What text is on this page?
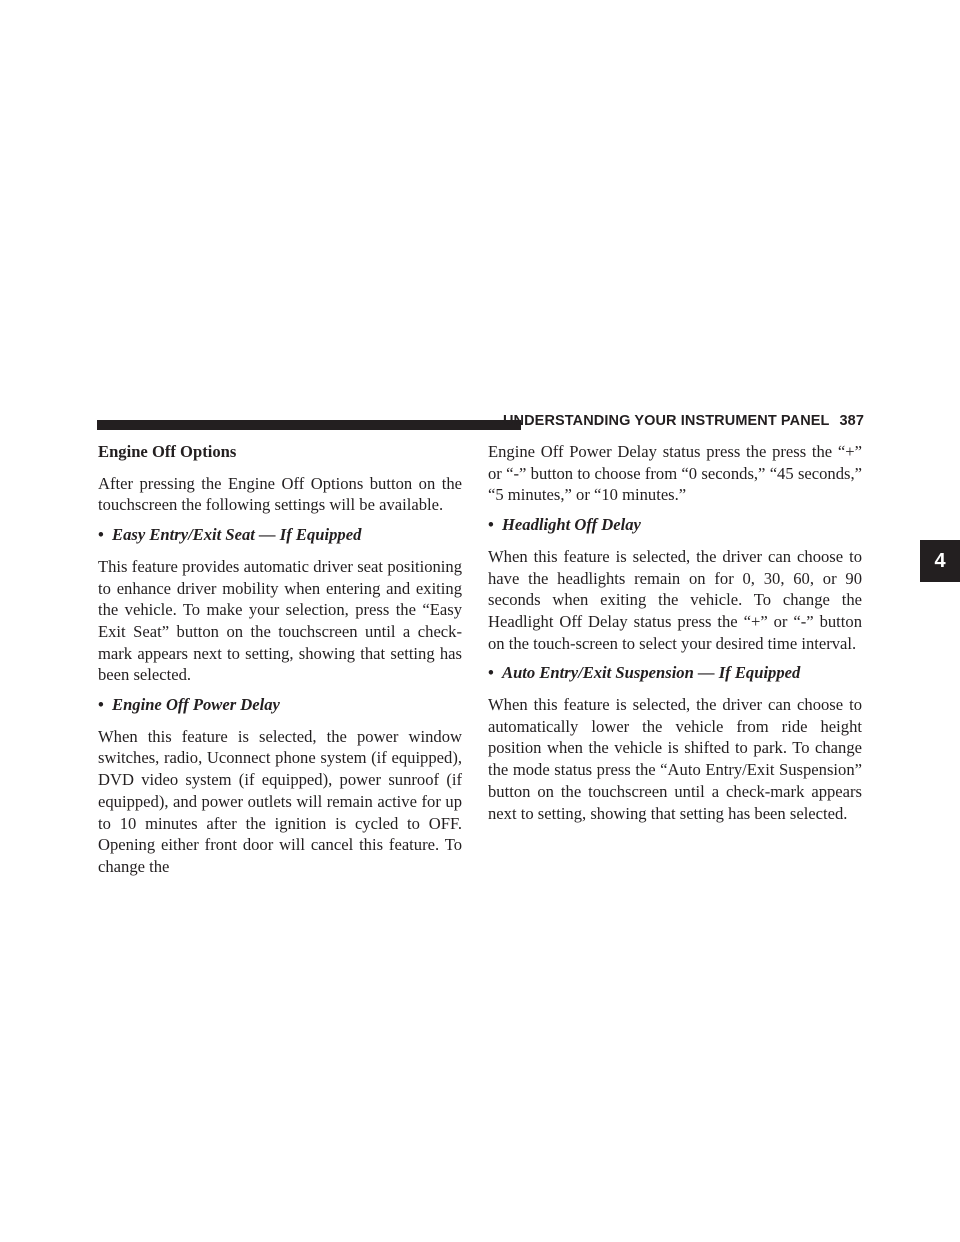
UNDERSTANDING YOUR INSTRUMENT PANEL 387
4

Engine Off Options

After pressing the Engine Off Options button on the touchscreen the following settings will be available.

• Easy Entry/Exit Seat — If Equipped

This feature provides automatic driver seat positioning to enhance driver mobility when entering and exiting the vehicle. To make your selection, press the “Easy Exit Seat” button on the touchscreen until a check-mark appears next to setting, showing that setting has been selected.

• Engine Off Power Delay

When this feature is selected, the power window switches, radio, Uconnect phone system (if equipped), DVD video system (if equipped), power sunroof (if equipped), and power outlets will remain active for up to 10 minutes after the ignition is cycled to OFF. Opening either front door will cancel this feature. To change the

Engine Off Power Delay status press the press the “+” or “-” button to choose from “0 seconds,” “45 seconds,” “5 minutes,” or “10 minutes.”

• Headlight Off Delay

When this feature is selected, the driver can choose to have the headlights remain on for 0, 30, 60, or 90 seconds when exiting the vehicle. To change the Headlight Off Delay status press the “+” or “-” button on the touch-screen to select your desired time interval.

• Auto Entry/Exit Suspension — If Equipped

When this feature is selected, the driver can choose to automatically lower the vehicle from ride height position when the vehicle is shifted to park. To change the mode status press the “Auto Entry/Exit Suspension” button on the touchscreen until a check-mark appears next to setting, showing that setting has been selected.
